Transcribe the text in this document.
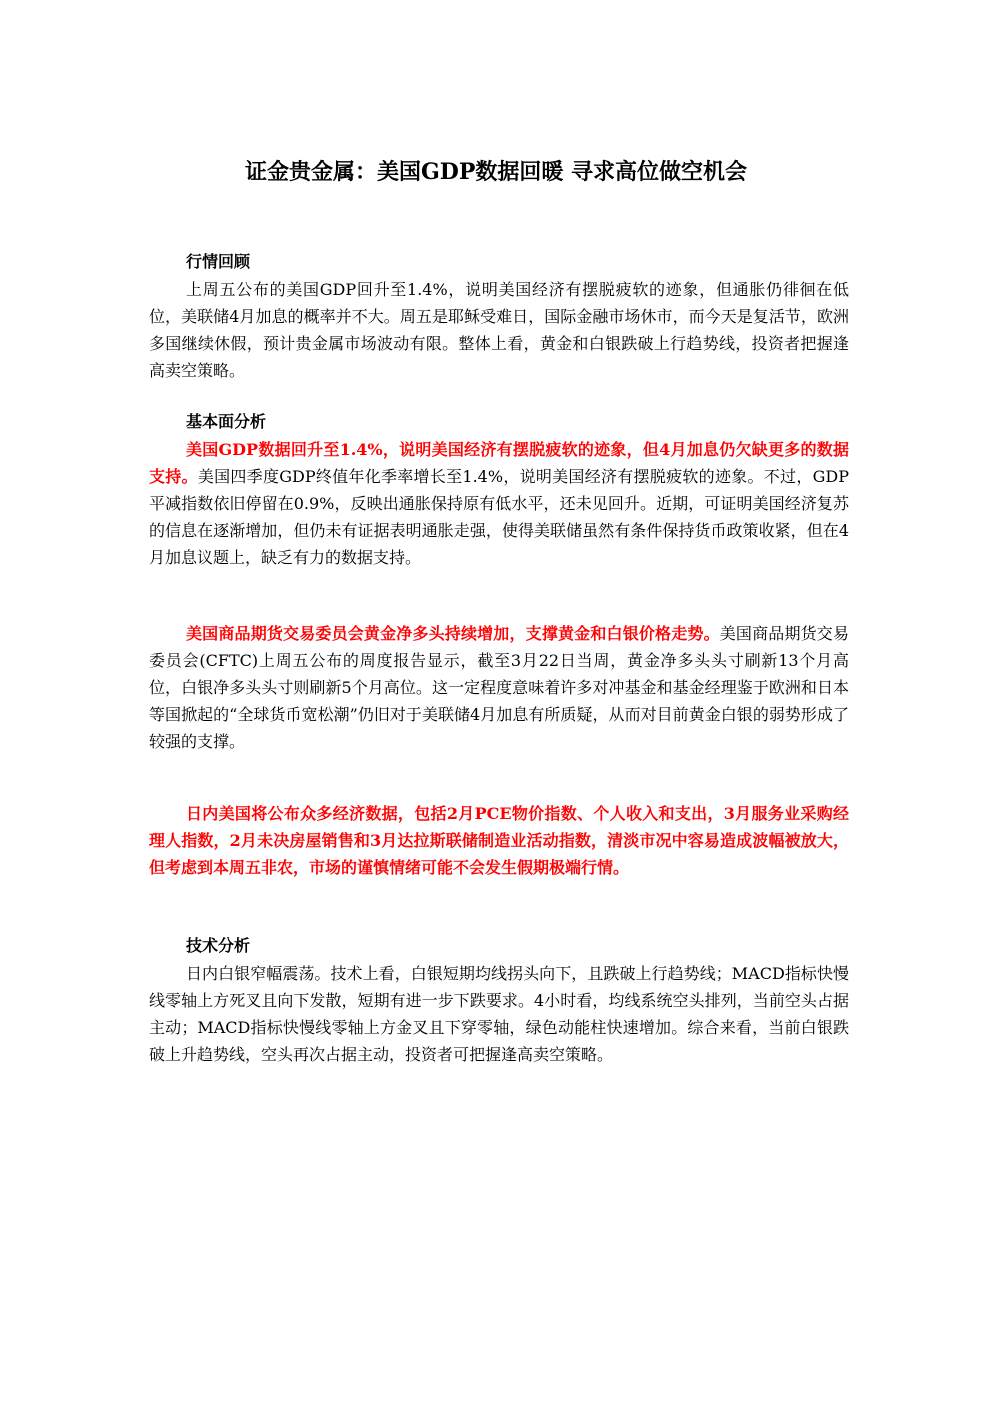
证金贵金属：美国GDP数据回暖 寻求高位做空机会
行情回顾

上周五公布的美国GDP回升至1.4%，说明美国经济有摆脱疲软的迹象，但通胀仍徘徊在低位，美联储4月加息的概率并不大。周五是耶稣受难日，国际金融市场休市，而今天是复活节，欧洲多国继续休假，预计贵金属市场波动有限。整体上看，黄金和白银跌破上行趋势线，投资者把握逢高卖空策略。

基本面分析

美国GDP数据回升至1.4%，说明美国经济有摆脱疲软的迹象，但4月加息仍欠缺更多的数据支持。美国四季度GDP终值年化季率增长至1.4%，说明美国经济有摆脱疲软的迹象。不过，GDP平减指数依旧停留在0.9%，反映出通胀保持原有低水平，还未见回升。近期，可证明美国经济复苏的信息在逐渐增加，但仍未有证据表明通胀走强，使得美联储虽然有条件保持货币政策收紧，但在4月加息议题上，缺乏有力的数据支持。

美国商品期货交易委员会黄金净多头持续增加，支撑黄金和白银价格走势。美国商品期货交易委员会(CFTC)上周五公布的周度报告显示，截至3月22日当周，黄金净多头头寸刷新13个月高位，白银净多头头寸则刷新5个月高位。这一定程度意味着许多对冲基金和基金经理鉴于欧洲和日本等国掀起的“全球货币宽松潮”仍旧对于美联储4月加息有所质疑，从而对目前黄金白银的弱势形成了较强的支撑。

日内美国将公布众多经济数据，包括2月PCE物价指数、个人收入和支出，3月服务业采购经理人指数，2月未决房屋销售和3月达拉斯联储制造业活动指数，清淡市况中容易造成波幅被放大，但考虑到本周五非农，市场的谨慎情绪可能不会发生假期极端行情。

技术分析

日内白银窄幅震荡。技术上看，白银短期均线拐头向下，且跌破上行趋势线；MACD指标快慢线零轴上方死叉且向下发散，短期有进一步下跌要求。4小时看，均线系统空头排列，当前空头占据主动；MACD指标快慢线零轴上方金叉且下穿零轴，绿色动能柱快速增加。综合来看，当前白银跌破上升趋势线，空头再次占据主动，投资者可把握逢高卖空策略。
